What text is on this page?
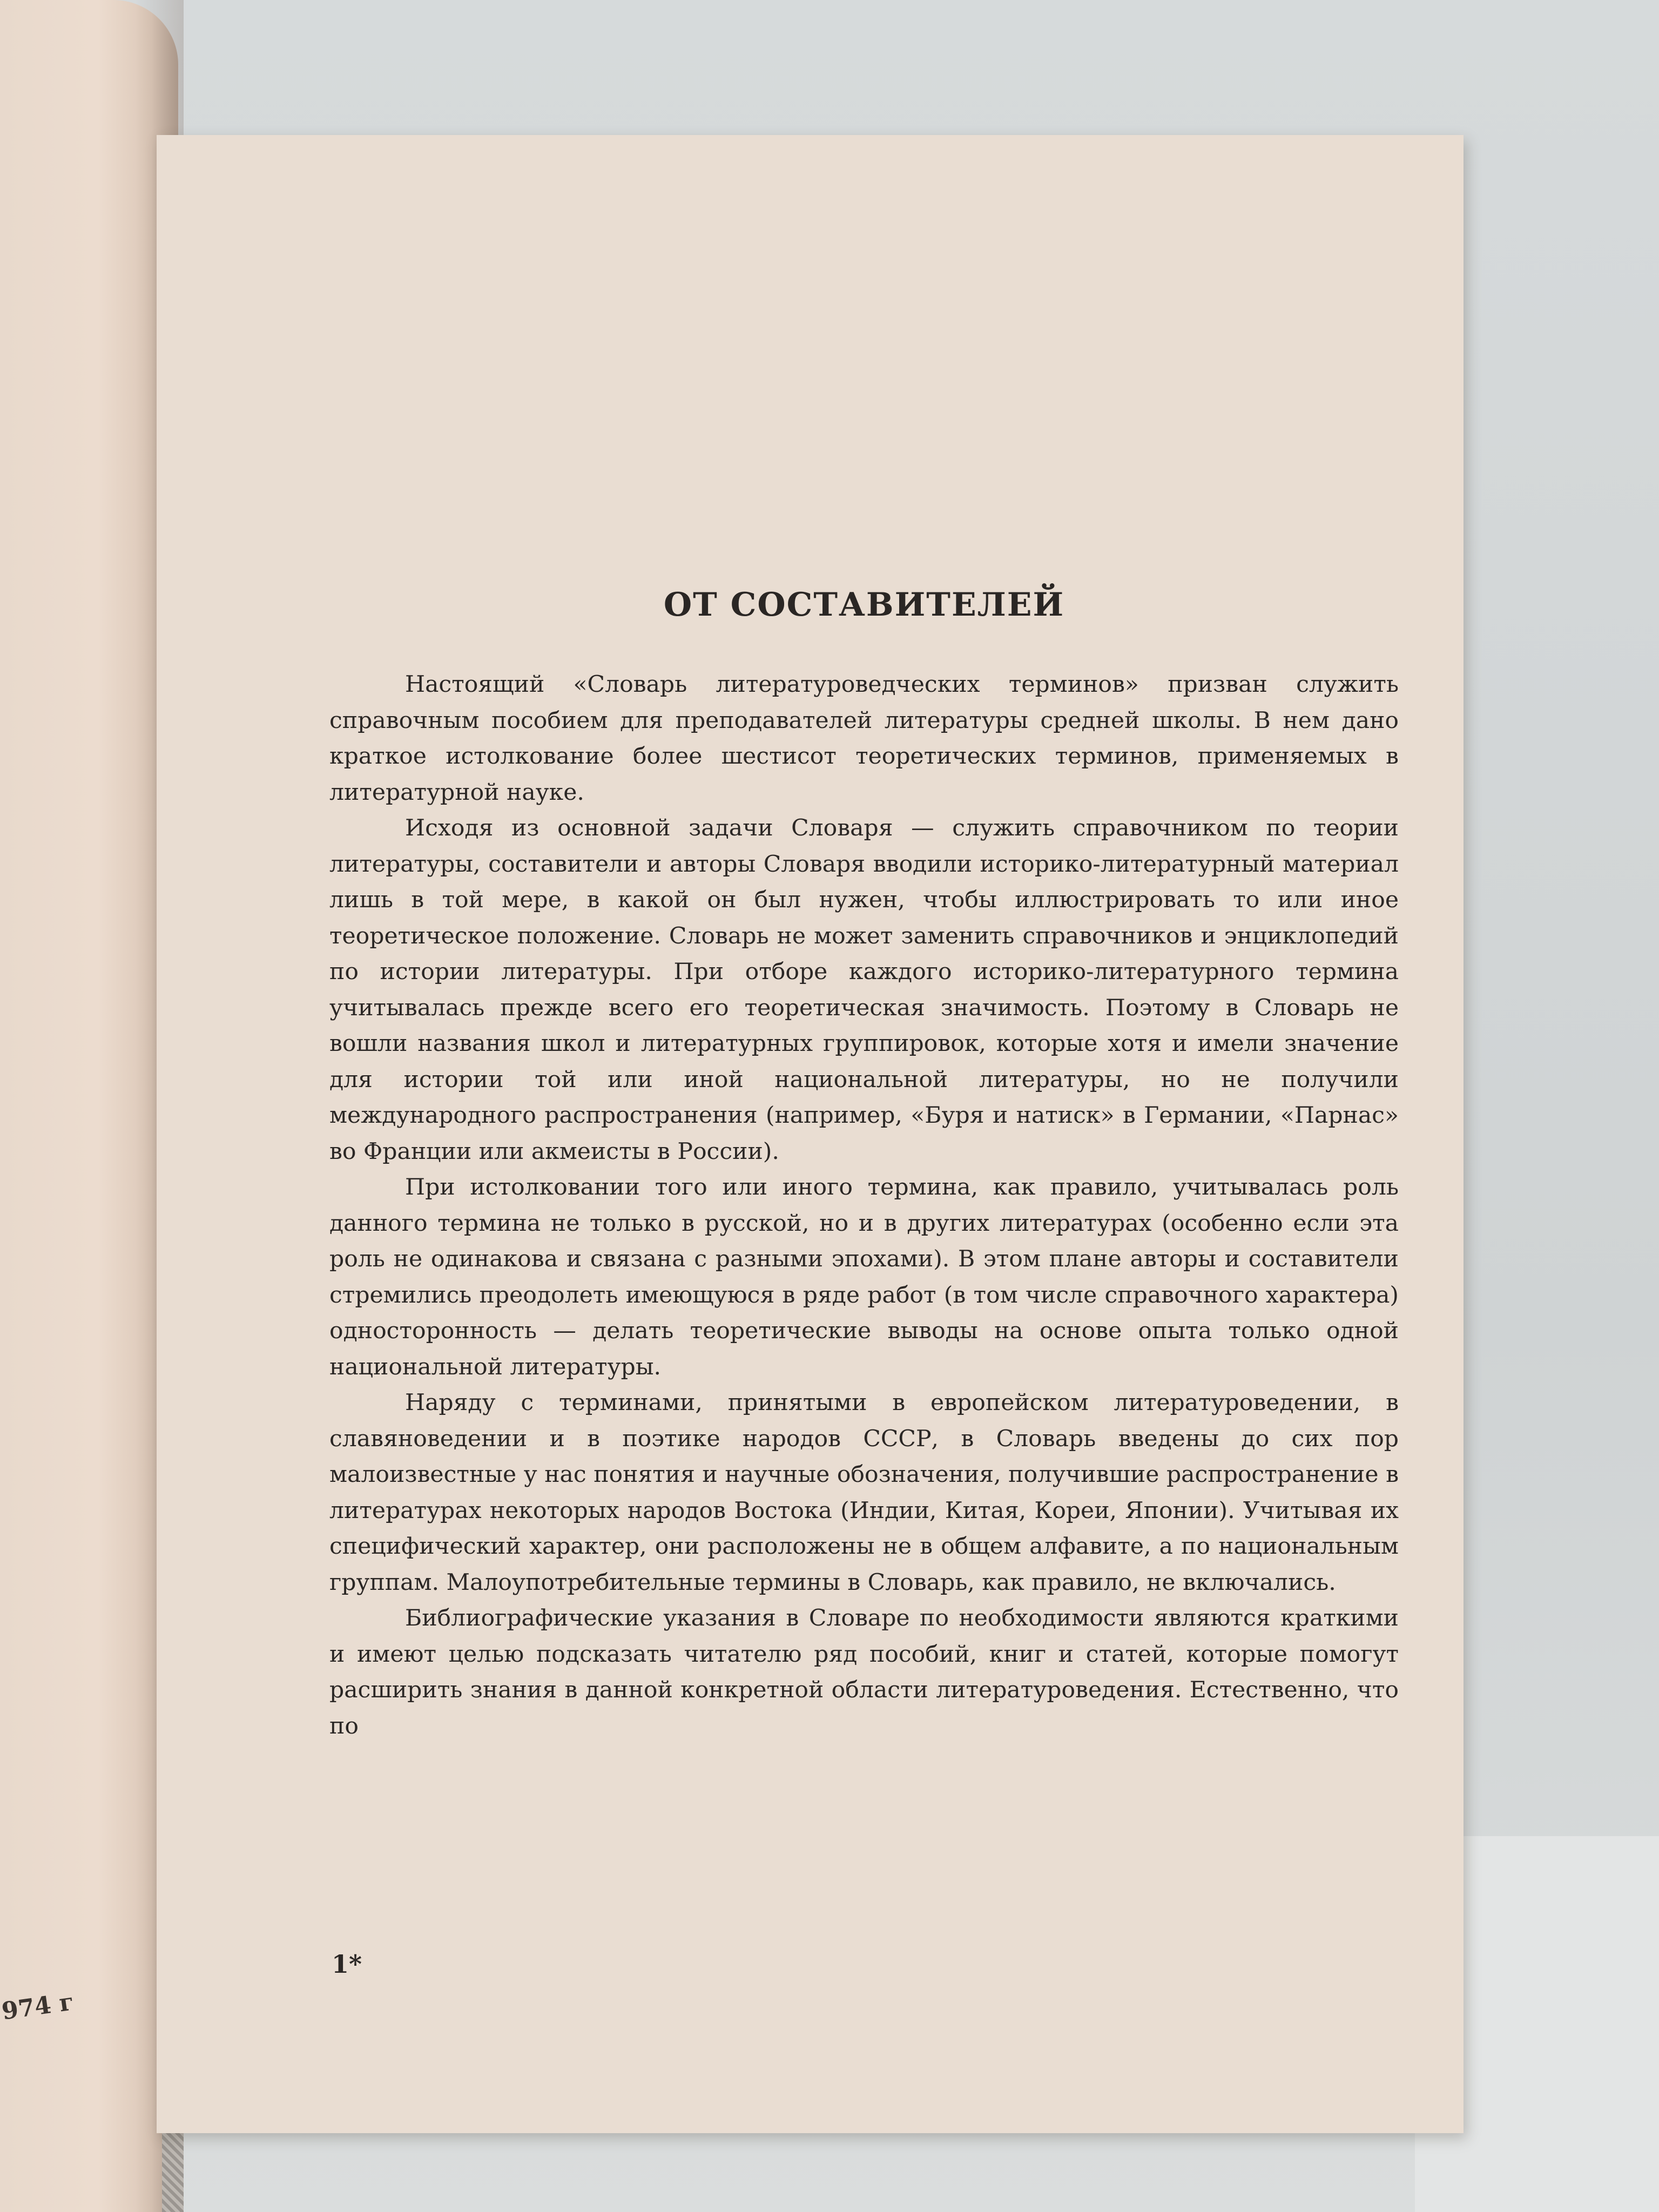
974 г
ОТ СОСТАВИТЕЛЕЙ

Настоящий «Словарь литературоведческих терминов» призван служить справочным пособием для преподавателей литературы средней школы. В нем дано краткое истолкование более шестисот теоретических терминов, применяемых в литературной науке.

Исходя из основной задачи Словаря — служить справочником по теории литературы, составители и авторы Словаря вводили историко-литературный материал лишь в той мере, в какой он был нужен, чтобы иллюстрировать то или иное теоретическое положение. Словарь не может заменить справочников и энциклопедий по истории литературы. При отборе каждого историко-литературного термина учитывалась прежде всего его теоретическая значимость. Поэтому в Словарь не вошли названия школ и литературных группировок, которые хотя и имели значение для истории той или иной национальной литературы, но не получили международного распространения (например, «Буря и натиск» в Германии, «Парнас» во Франции или акмеисты в России).

При истолковании того или иного термина, как правило, учитывалась роль данного термина не только в русской, но и в других литературах (особенно если эта роль не одинакова и связана с разными эпохами). В этом плане авторы и составители стремились преодолеть имеющуюся в ряде работ (в том числе справочного характера) односторонность — делать теоретические выводы на основе опыта только одной национальной литературы.

Наряду с терминами, принятыми в европейском литературоведении, в славяноведении и в поэтике народов СССР, в Словарь введены до сих пор малоизвестные у нас понятия и научные обозначения, получившие распространение в литературах некоторых народов Востока (Индии, Китая, Кореи, Японии). Учитывая их специфический характер, они расположены не в общем алфавите, а по национальным группам. Малоупотребительные термины в Словарь, как правило, не включались.

Библиографические указания в Словаре по необходимости являются краткими и имеют целью подсказать читателю ряд пособий, книг и статей, которые помогут расширить знания в данной конкретной области литературоведения. Естественно, что по

1*
